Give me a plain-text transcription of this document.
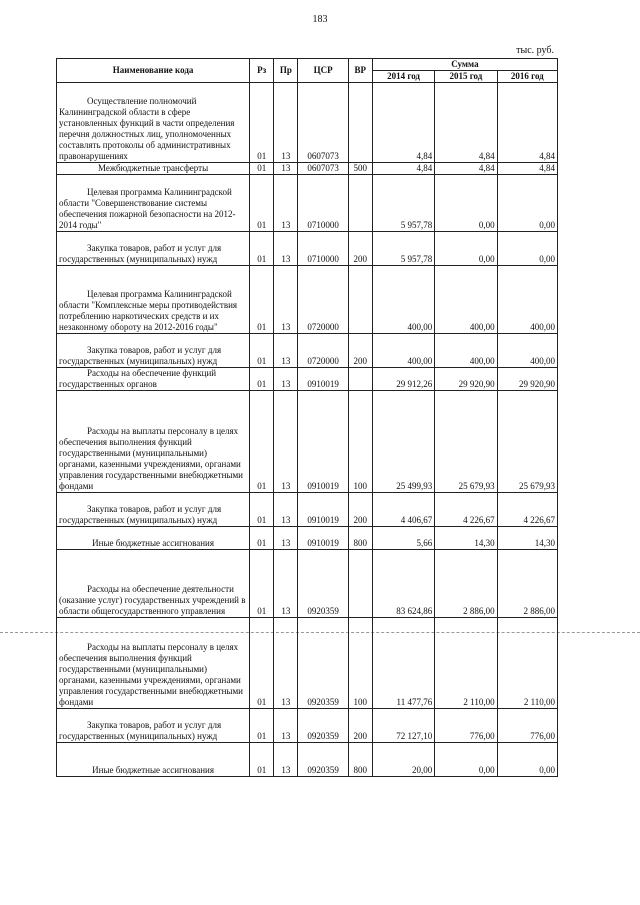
183
тыс. руб.
Наименование кода	Рз	Пр	ЦСР	ВР	Сумма		
					2014 год	2015 год	2016 год
Осуществление полномочий Калининградской области в сфере установленных функций в части определения перечня должностных лиц, уполномоченных составлять протоколы об административных правонарушениях	01	13	0607073		4,84	4,84	4,84
Межбюджетные трансферты	01	13	0607073	500	4,84	4,84	4,84
Целевая программа Калининградской области "Совершенствование системы обеспечения пожарной безопасности на 2012-2014 годы"	01	13	0710000		5 957,78	0,00	0,00
Закупка товаров, работ и услуг для государственных (муниципальных) нужд	01	13	0710000	200	5 957,78	0,00	0,00
Целевая программа Калининградской области "Комплексные меры противодействия потреблению наркотических средств и их незаконному обороту на 2012-2016 годы"	01	13	0720000		400,00	400,00	400,00
Закупка товаров, работ и услуг для государственных (муниципальных) нужд	01	13	0720000	200	400,00	400,00	400,00
Расходы на обеспечение функций государственных органов	01	13	0910019		29 912,26	29 920,90	29 920,90
Расходы на выплаты персоналу в целях обеспечения выполнения функций государственными (муниципальными) органами, казенными учреждениями, органами управления государственными внебюджетными фондами	01	13	0910019	100	25 499,93	25 679,93	25 679,93
Закупка товаров, работ и услуг для государственных (муниципальных) нужд	01	13	0910019	200	4 406,67	4 226,67	4 226,67
Иные бюджетные ассигнования	01	13	0910019	800	5,66	14,30	14,30
Расходы на обеспечение деятельности (оказание услуг) государственных учреждений в области общегосударственного управления	01	13	0920359		83 624,86	2 886,00	2 886,00
Расходы на выплаты персоналу в целях обеспечения выполнения функций государственными (муниципальными) органами, казенными учреждениями, органами управления государственными внебюджетными фондами	01	13	0920359	100	11 477,76	2 110,00	2 110,00
Закупка товаров, работ и услуг для государственных (муниципальных) нужд	01	13	0920359	200	72 127,10	776,00	776,00
Иные бюджетные ассигнования	01	13	0920359	800	20,00	0,00	0,00
